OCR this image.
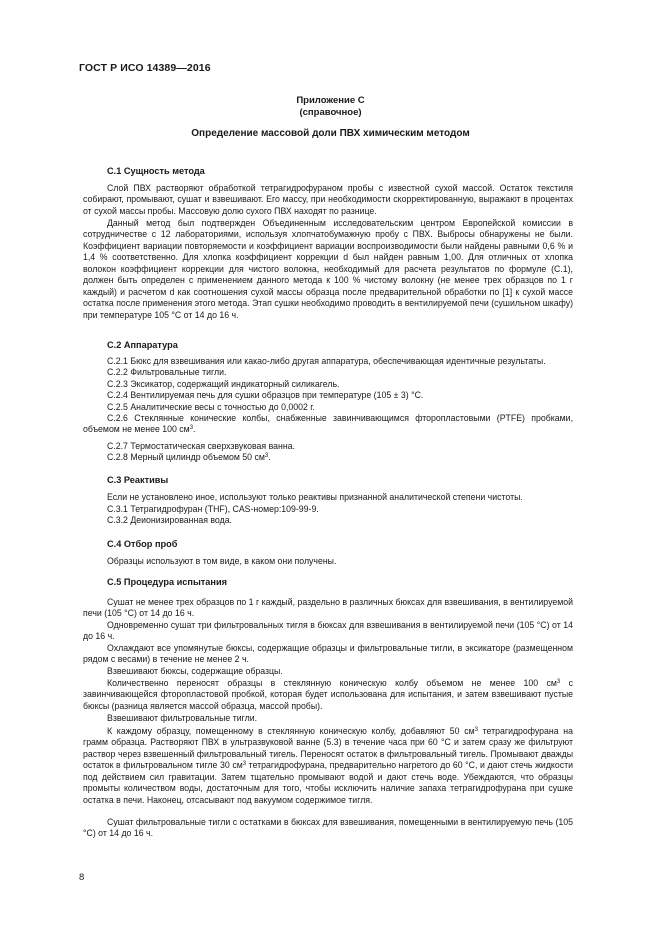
ГОСТ Р ИСО 14389—2016
Приложение С
(справочное)
Определение массовой доли ПВХ химическим методом
С.1 Сущность метода

Слой ПВХ растворяют обработкой тетрагидрофураном пробы с известной сухой массой. Остаток текстиля собирают, промывают, сушат и взвешивают. Его массу, при необходимости скорректированную, выражают в процентах от сухой массы пробы. Массовую долю сухого ПВХ находят по разнице.

Данный метод был подтвержден Объединенным исследовательским центром Европейской комиссии в сотрудничестве с 12 лабораториями, используя хлопчатобумажную пробу с ПВХ. Выбросы обнаружены не были. Коэффициент вариации повторяемости и коэффициент вариации воспроизводимости были найдены равными 0,6 % и 1,4 % соответственно. Для хлопка коэффициент коррекции d был найден равным 1,00. Для отличных от хлопка волокон коэффициент коррекции для чистого волокна, необходимый для расчета результатов по формуле (С.1), должен быть определен с применением данного метода к 100 % чистому волокну (не менее трех образцов по 1 г каждый) и расчетом d как соотношения сухой массы образца после предварительной обработки по [1] к сухой массе остатка после применения этого метода. Этап сушки необходимо проводить в вентилируемой печи (сушильном шкафу) при температуре 105 °С от 14 до 16 ч.

С.2 Аппаратура

С.2.1 Бюкс для взвешивания или какао-либо другая аппаратура, обеспечивающая идентичные результаты.

С.2.2 Фильтровальные тигли.

С.2.3 Эксикатор, содержащий индикаторный силикагель.

С.2.4 Вентилируемая печь для сушки образцов при температуре (105 ± 3) °С.

С.2.5 Аналитические весы с точностью до 0,0002 г.

С.2.6 Стеклянные конические колбы, снабженные завинчивающимся фторопластовыми (PTFE) пробками, объемом не менее 100 $см^3$.

С.2.7 Термостатическая сверхзвуковая ванна.

С.2.8 Мерный цилиндр объемом 50 $см^3$.

С.3 Реактивы

Если не установлено иное, используют только реактивы признанной аналитической степени чистоты.

С.3.1 Тетрагидрофуран (THF), CAS-номер:109-99-9.

С.3.2 Деионизированная вода.

С.4 Отбор проб

Образцы используют в том виде, в каком они получены.

С.5 Процедура испытания

Сушат не менее трех образцов по 1 г каждый, раздельно в различных бюксах для взвешивания, в вентилируемой печи (105 °С) от 14 до 16 ч.

Одновременно сушат три фильтровальных тигля в бюксах для взвешивания в вентилируемой печи (105 °С) от 14 до 16 ч.

Охлаждают все упомянутые бюксы, содержащие образцы и фильтровальные тигли, в эксикаторе (размещенном рядом с весами) в течение не менее 2 ч.

Взвешивают бюксы, содержащие образцы.

Количественно переносят образцы в стеклянную коническую колбу объемом не менее 100 $см^3$ с завинчивающейся фторопластовой пробкой, которая будет использована для испытания, и затем взвешивают пустые бюксы (разница является массой образца, массой пробы).

Взвешивают фильтровальные тигли.

К каждому образцу, помещенному в стеклянную коническую колбу, добавляют 50 $см^3$ тетрагидрофурана на грамм образца. Растворяют ПВХ в ультразвуковой ванне (5.3) в течение часа при 60 °С и затем сразу же фильтруют раствор через взвешенный фильтровальный тигель. Переносят остаток в фильтровальный тигель. Промывают дважды остаток в фильтровальном тигле 30 $см^3$ тетрагидрофурана, предварительно нагретого до 60 °С, и дают стечь жидкости под действием сил гравитации. Затем тщательно промывают водой и дают стечь воде. Убеждаются, что образцы промыты количеством воды, достаточным для того, чтобы исключить наличие запаха тетрагидрофурана при сушке остатка в печи. Наконец, отсасывают под вакуумом содержимое тигля.

Сушат фильтровальные тигли с остатками в бюксах для взвешивания, помещенными в вентилируемую печь (105 °С) от 14 до 16 ч.

8
